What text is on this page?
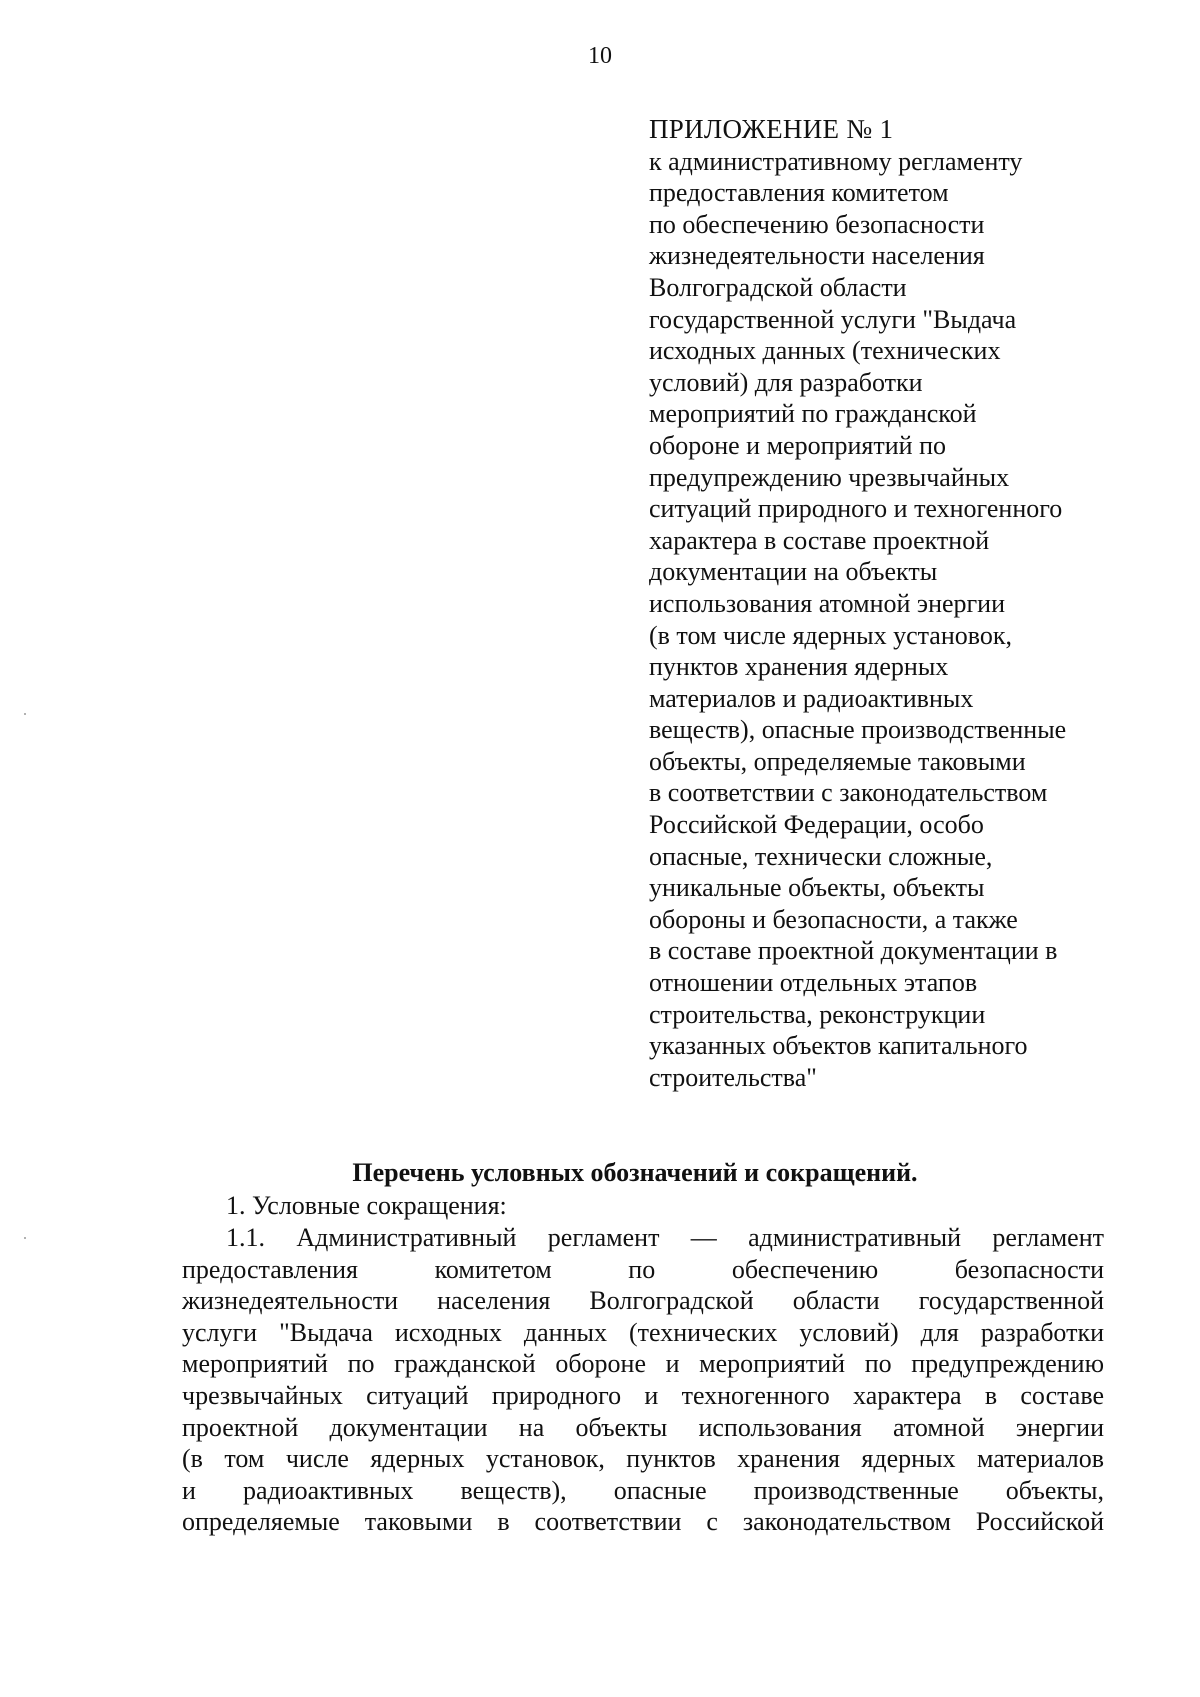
10
ПРИЛОЖЕНИЕ № 1
к административному регламенту
предоставления комитетом
по обеспечению безопасности
жизнедеятельности населения
Волгоградской области
государственной услуги "Выдача
исходных данных (технических
условий) для разработки
мероприятий по гражданской
обороне и мероприятий по
предупреждению чрезвычайных
ситуаций природного и техногенного
характера в составе проектной
документации на объекты
использования атомной энергии
(в том числе ядерных установок,
пунктов хранения ядерных
материалов и радиоактивных
веществ), опасные производственные
объекты, определяемые таковыми
в соответствии с законодательством
Российской Федерации, особо
опасные, технически сложные,
уникальные объекты, объекты
обороны и безопасности, а также
в составе проектной документации в
отношении отдельных этапов
строительства, реконструкции
указанных объектов капитального
строительства"
Перечень условных обозначений и сокращений.
1. Условные сокращения:
1.1. Административный регламент — административный регламент
предоставления комитетом по обеспечению безопасности
жизнедеятельности населения Волгоградской области государственной
услуги "Выдача исходных данных (технических условий) для разработки
мероприятий по гражданской обороне и мероприятий по предупреждению
чрезвычайных ситуаций природного и техногенного характера в составе
проектной документации на объекты использования атомной энергии
(в том числе ядерных установок, пунктов хранения ядерных материалов
и радиоактивных веществ), опасные производственные объекты,
определяемые таковыми в соответствии с законодательством Российской
